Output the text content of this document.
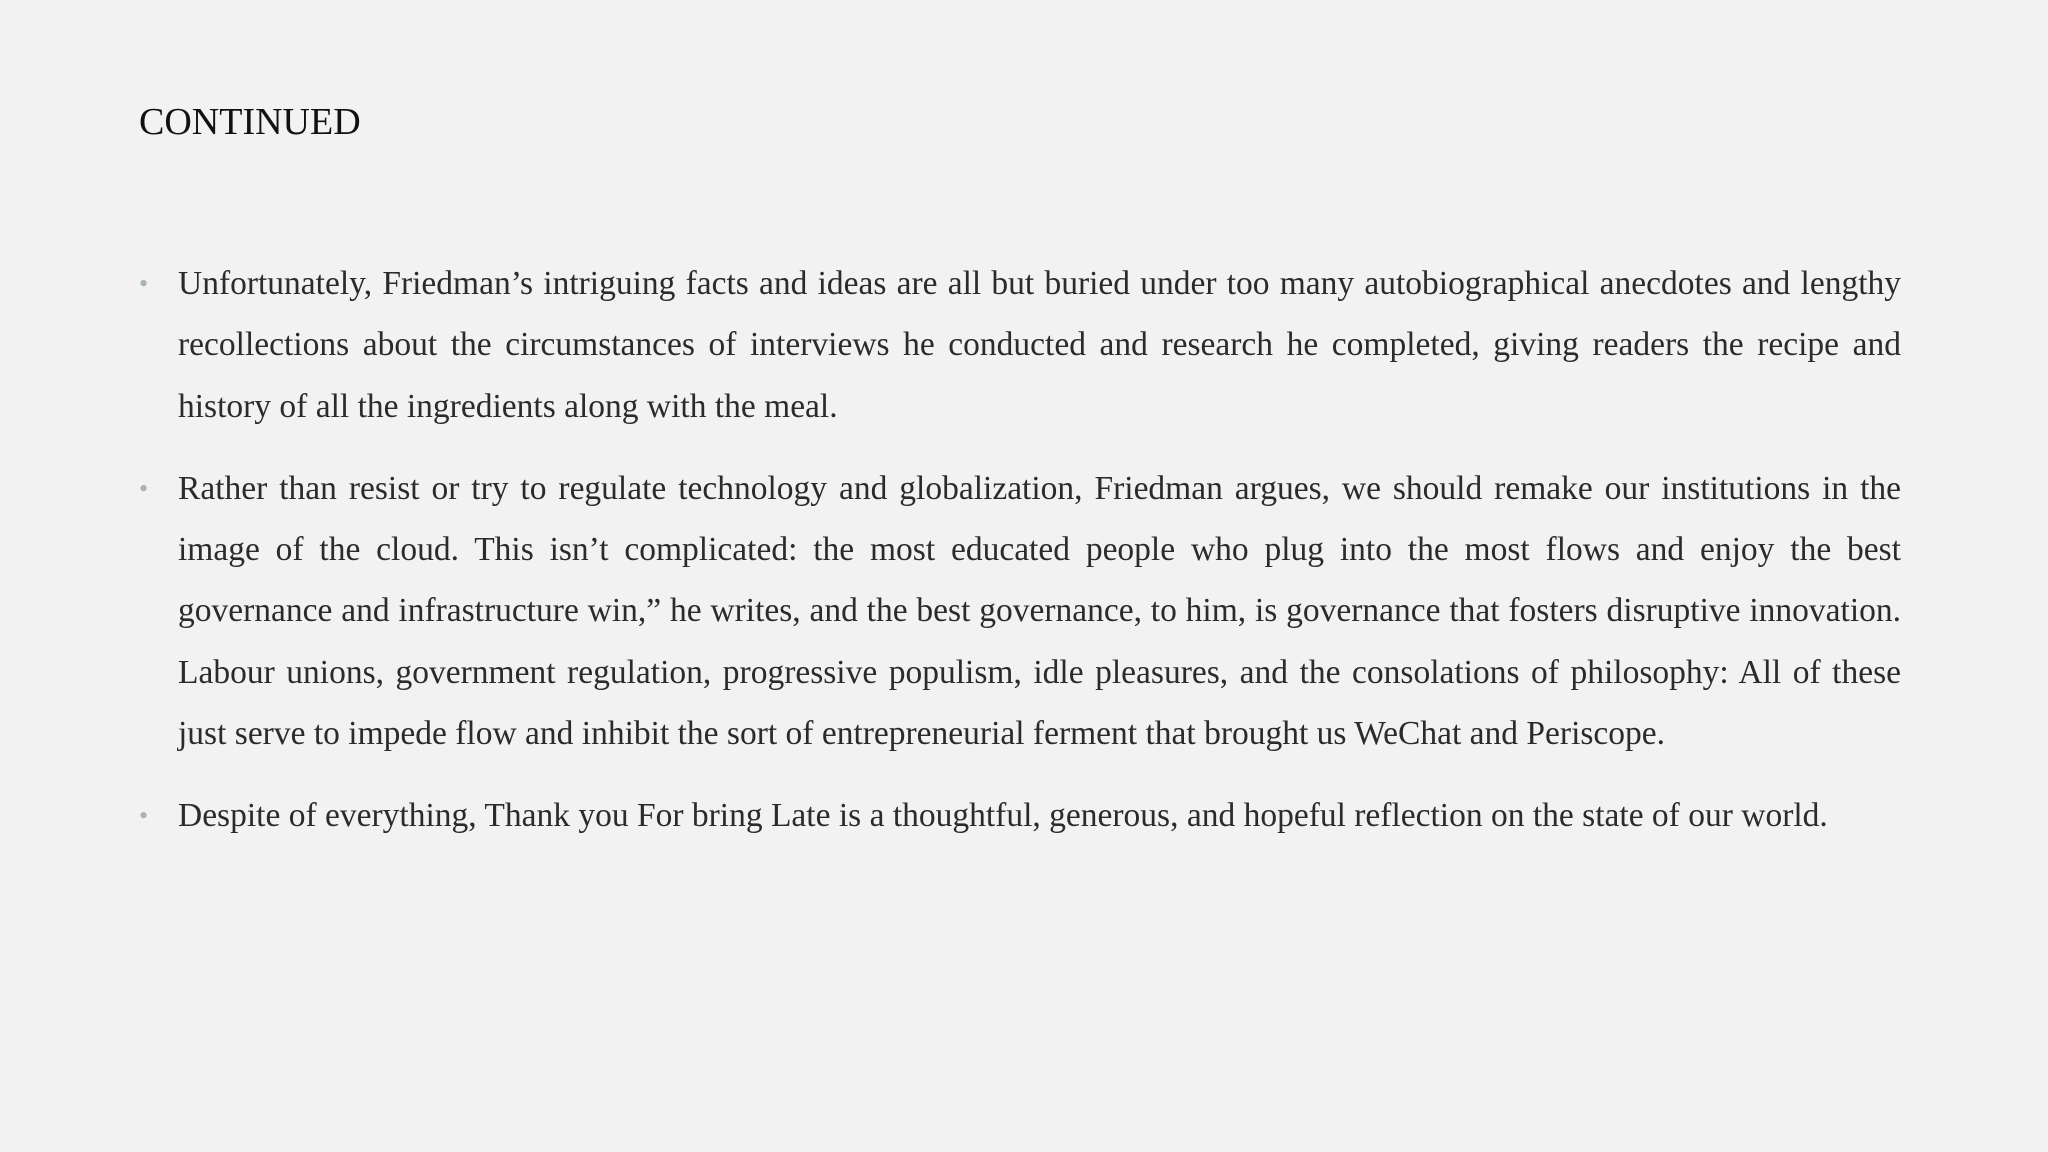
CONTINUED
• Unfortunately, Friedman’s intriguing facts and ideas are all but buried under too many autobiographical anecdotes and lengthy recollections about the circumstances of interviews he conducted and research he completed, giving readers the recipe and history of all the ingredients along with the meal.
• Rather than resist or try to regulate technology and globalization, Friedman argues, we should remake our institutions in the image of the cloud. This isn’t complicated: the most educated people who plug into the most flows and enjoy the best governance and infrastructure win,” he writes, and the best governance, to him, is governance that fosters disruptive innovation. Labour unions, government regulation, progressive populism, idle pleasures, and the consolations of philosophy: All of these just serve to impede flow and inhibit the sort of entrepreneurial ferment that brought us WeChat and Periscope.
• Despite of everything, Thank you For bring Late is a thoughtful, generous, and hopeful reflection on the state of our world.
